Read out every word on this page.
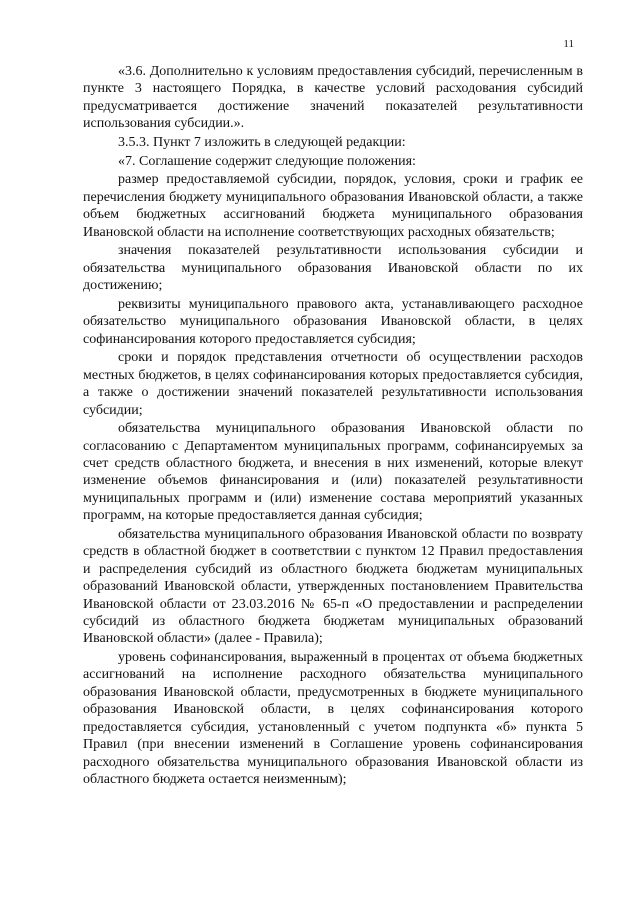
11

«3.6. Дополнительно к условиям предоставления субсидий, перечисленным в пункте 3 настоящего Порядка, в качестве условий расходования субсидий предусматривается достижение значений показателей результативности использования субсидии.».

3.5.3. Пункт 7 изложить в следующей редакции:

«7. Соглашение содержит следующие положения:

размер предоставляемой субсидии, порядок, условия, сроки и график ее перечисления бюджету муниципального образования Ивановской области, а также объем бюджетных ассигнований бюджета муниципального образования Ивановской области на исполнение соответствующих расходных обязательств;

значения показателей результативности использования субсидии и обязательства муниципального образования Ивановской области по их достижению;

реквизиты муниципального правового акта, устанавливающего расходное обязательство муниципального образования Ивановской области, в целях софинансирования которого предоставляется субсидия;

сроки и порядок представления отчетности об осуществлении расходов местных бюджетов, в целях софинансирования которых предоставляется субсидия, а также о достижении значений показателей результативности использования субсидии;

обязательства муниципального образования Ивановской области по согласованию с Департаментом муниципальных программ, софинансируемых за счет средств областного бюджета, и внесения в них изменений, которые влекут изменение объемов финансирования и (или) показателей результативности муниципальных программ и (или) изменение состава мероприятий указанных программ, на которые предоставляется данная субсидия;

обязательства муниципального образования Ивановской области по возврату средств в областной бюджет в соответствии с пунктом 12 Правил предоставления и распределения субсидий из областного бюджета бюджетам муниципальных образований Ивановской области, утвержденных постановлением Правительства Ивановской области от 23.03.2016 № 65-п «О предоставлении и распределении субсидий из областного бюджета бюджетам муниципальных образований Ивановской области» (далее - Правила);

уровень софинансирования, выраженный в процентах от объема бюджетных ассигнований на исполнение расходного обязательства муниципального образования Ивановской области, предусмотренных в бюджете муниципального образования Ивановской области, в целях софинансирования которого предоставляется субсидия, установленный с учетом подпункта «б» пункта 5 Правил (при внесении изменений в Соглашение уровень софинансирования расходного обязательства муниципального образования Ивановской области из областного бюджета остается неизменным);
